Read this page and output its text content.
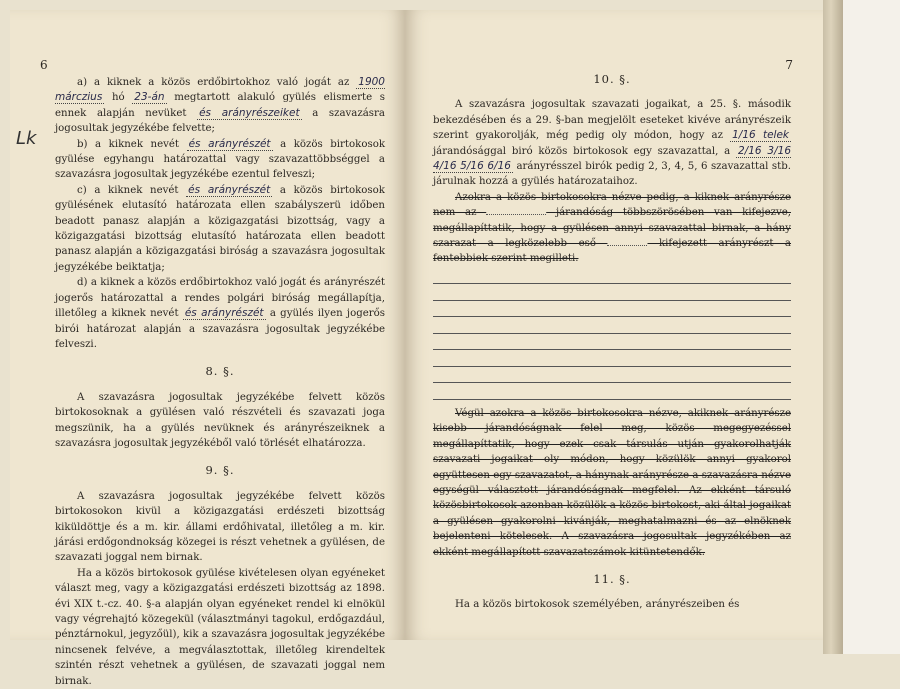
6
Lk

a) a kiknek a közös erdőbirtokhoz való jogát az 1900 márczius hó 23-án megtartott alakuló gyülés elismerte s ennek alapján nevüket és arányrészeiket a szavazásra jogosultak jegyzékébe felvette;

b) a kiknek nevét és arányrészét a közös birtokosok gyülése egyhangu határozattal vagy szavazattöbbséggel a szavazásra jogosultak jegyzékébe ezentul felveszi;

c) a kiknek nevét és arányrészét a közös birtokosok gyülésének elutasító határozata ellen szabályszerü időben beadott panasz alapján a közigazgatási bizottság, vagy a közigazgatási bizottság elutasító határozata ellen beadott panasz alapján a közigazgatási biróság a szavazásra jogosultak jegyzékébe beiktatja;

d) a kiknek a közös erdőbirtokhoz való jogát és arányrészét jogerős határozattal a rendes polgári biróság megállapítja, illetőleg a kiknek nevét és arányrészét a gyülés ilyen jogerős birói határozat alapján a szavazásra jogosultak jegyzékébe felveszi.

8. §.

A szavazásra jogosultak jegyzékébe felvett közös birtokosoknak a gyülésen való részvételi és szavazati joga megszünik, ha a gyülés nevüknek és arányrészeiknek a szavazásra jogosultak jegyzékéből való törlését elhatározza.

9. §.

A szavazásra jogosultak jegyzékébe felvett közös birtokosokon kivül a közigazgatási erdészeti bizottság kiküldöttje és a m. kir. állami erdőhivatal, illetőleg a m. kir. járási erdőgondnokság közegei is részt vehetnek a gyülésen, de szavazati joggal nem birnak.

Ha a közös birtokosok gyülése kivételesen olyan egyéneket választ meg, vagy a közigazgatási erdészeti bizottság az 1898. évi XIX t.-cz. 40. §-a alapján olyan egyéneket rendel ki elnökül vagy végrehajtó közegekül (választmányi tagokul, erdőgazdául, pénztárnokul, jegyzőül), kik a szavazásra jogosultak jegyzékébe nincsenek felvéve, a megválasztottak, illetőleg kirendeltek szintén részt vehetnek a gyülésen, de szavazati joggal nem birnak.

7
10. §.

A szavazásra jogosultak szavazati jogaikat, a 25. §. második bekezdésében és a 29. §-ban megjelölt eseteket kivéve arányrészeik szerint gyakorolják, még pedig oly módon, hogy az 1/16 telek járandósággal biró közös birtokosok egy szavazattal, a 2/16 3/16 4/16 5/16 6/16 arányrésszel birók pedig 2, 3, 4, 5, 6 szavazattal stb. járulnak hozzá a gyülés határozataihoz.

Azokra a közös birtokosokra nézve pedig, a kiknek arányrésze nem az	járandóság többszörösében van kifejezve, megállapíttatik, hogy a gyülésen annyi szavazattal birnak, a hány szarazat a legközelebb eső	kifejezett arányrészt a fentebbiek szerint megilleti.

Végül azokra a közös birtokosokra nézve, akiknek arányrésze kisebb járandóságnak felel meg, közös megegyezéssel megállapíttatik, hogy ezek csak társulás utján gyakorolhatják szavazati jogaikat oly módon, hogy közülök annyi gyakorol együttesen egy szavazatot, a hánynak arányrésze a szavazásra nézve egységül választott járandóságnak megfelel. Az ekként társuló közösbirtokosok azonban közülök a közös birtokost, aki által jogaikat a gyülésen gyakorolni kivánják, meghatalmazni és az elnöknek bejelenteni kötelesek. A szavazásra jogosultak jegyzékében az ekként megállapított szavazatszámok kitüntetendők.

11. §.

Ha a közös birtokosok személyében, arányrészeiben és
